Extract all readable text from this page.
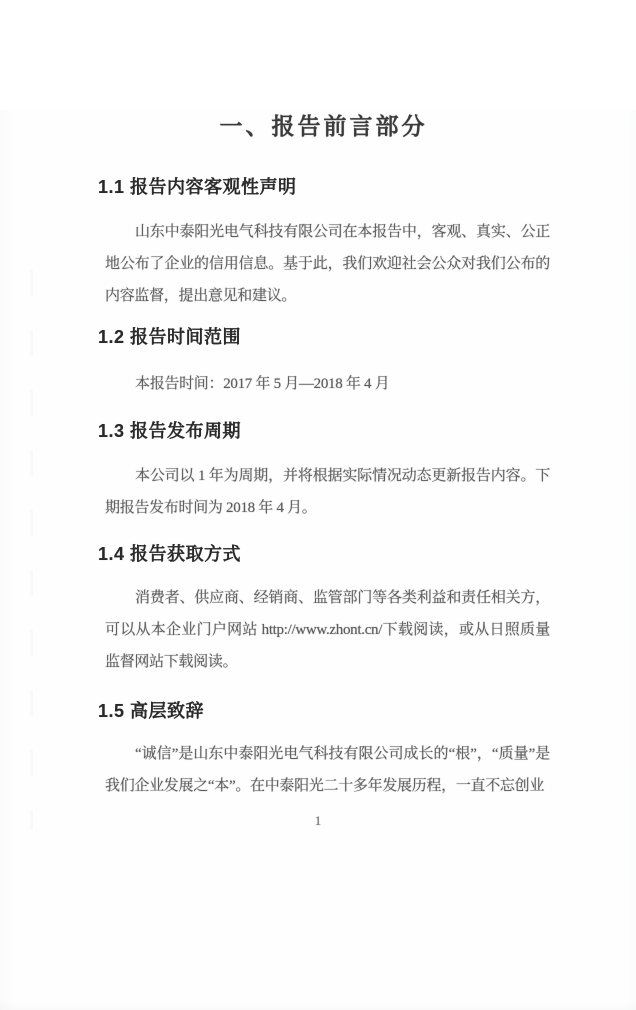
一、报告前言部分
1.1 报告内容客观性声明

山东中泰阳光电气科技有限公司在本报告中，客观、真实、公正地公布了企业的信用信息。基于此，我们欢迎社会公众对我们公布的内容监督，提出意见和建议。

1.2 报告时间范围

本报告时间：2017 年 5 月—2018 年 4 月

1.3 报告发布周期

本公司以 1 年为周期，并将根据实际情况动态更新报告内容。下期报告发布时间为 2018 年 4 月。

1.4 报告获取方式

消费者、供应商、经销商、监管部门等各类利益和责任相关方，可以从本企业门户网站 http://www.zhont.cn/下载阅读，或从日照质量监督网站下载阅读。

1.5 高层致辞

“诚信”是山东中泰阳光电气科技有限公司成长的“根”，“质量”是我们企业发展之“本”。在中泰阳光二十多年发展历程，一直不忘创业

1
